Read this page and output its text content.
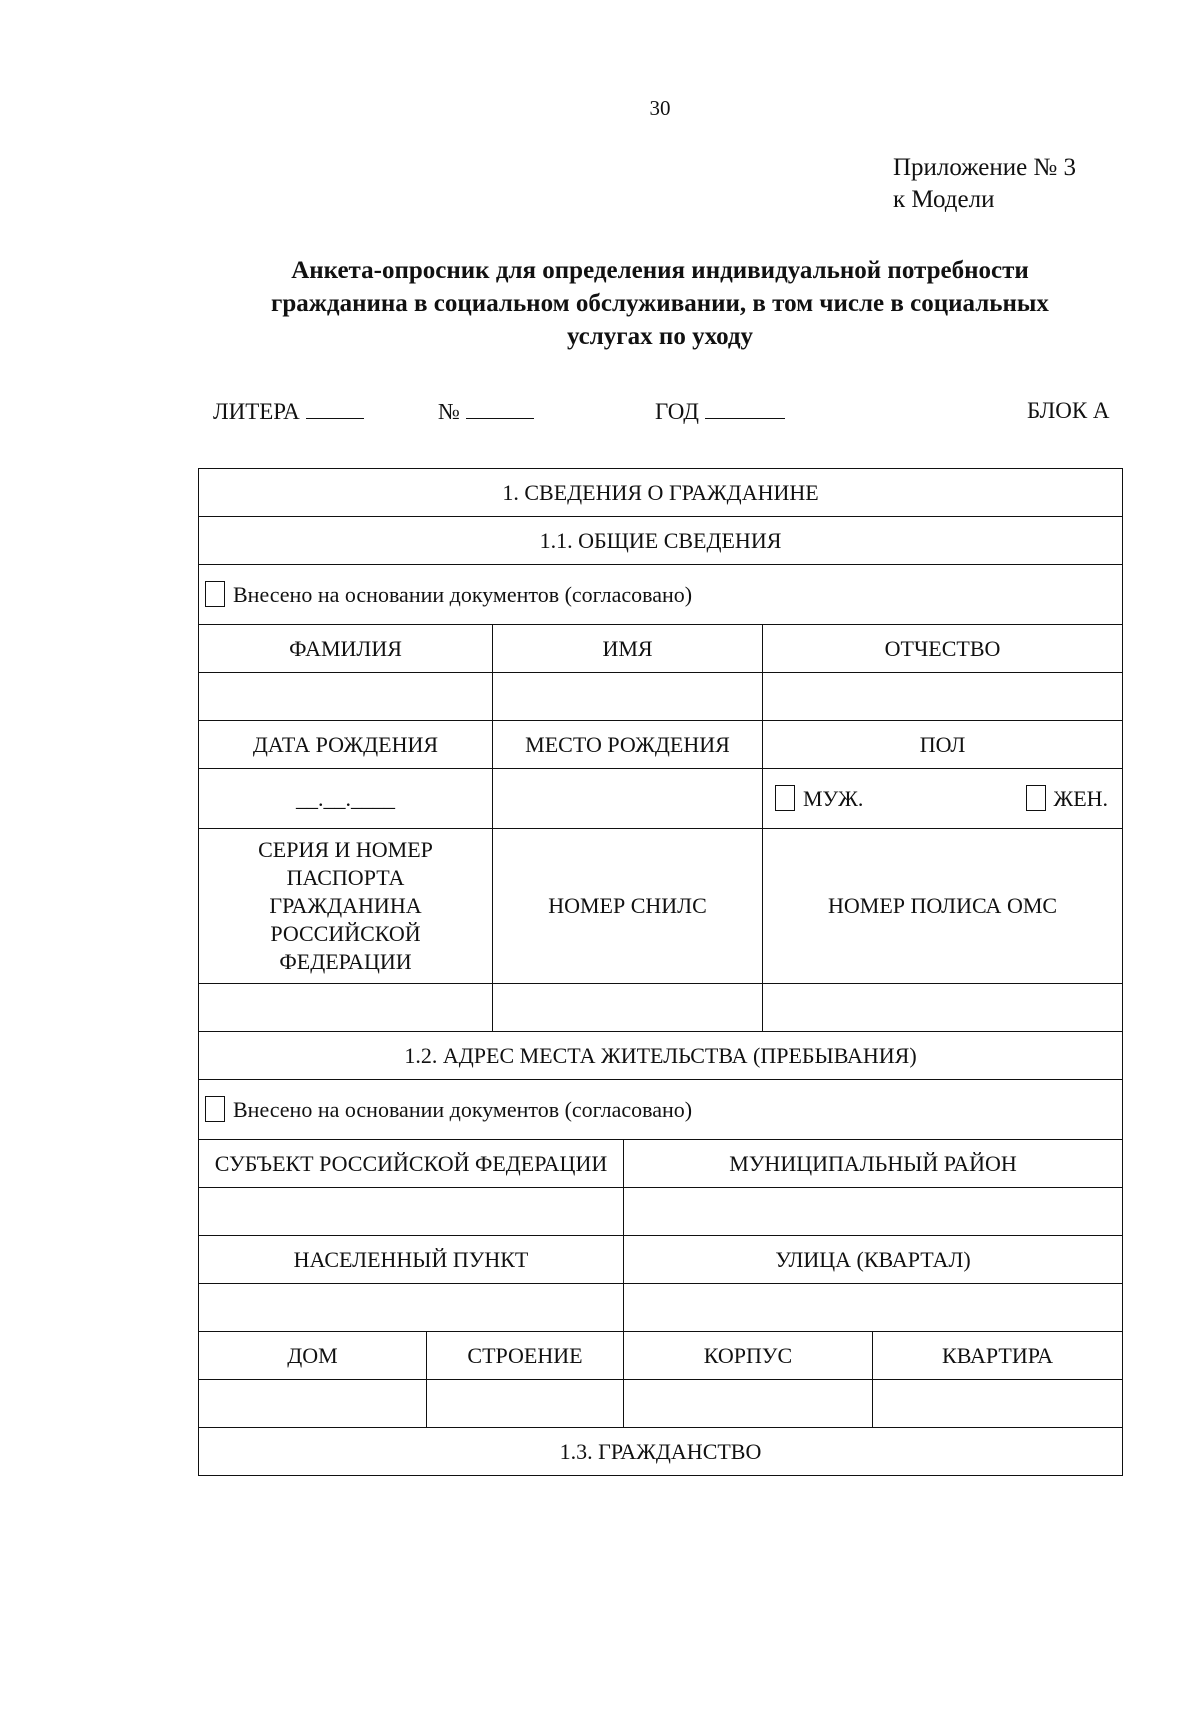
30
Приложение № 3
к Модели
Анкета-опросник для определения индивидуальной потребности
гражданина в социальном обслуживании, в том числе в социальных
услугах по уходу
ЛИТЕРА	№	ГОД	БЛОК А
1. СВЕДЕНИЯ О ГРАЖДАНИНЕ					
1.1. ОБЩИЕ СВЕДЕНИЯ					
Внесено на основании документов (согласовано)					
ФАМИЛИЯ		ИМЯ		ОТЧЕСТВО	

ДАТА РОЖДЕНИЯ		МЕСТО РОЖДЕНИЯ		ПОЛ	
__.__.____				МУЖ. ЖЕН.	

СЕРИЯ И НОМЕР
ПАСПОРТА
ГРАЖДАНИНА
РОССИЙСКОЙ
ФЕДЕРАЦИИ		НОМЕР СНИЛС		НОМЕР ПОЛИСА ОМС	

1.2. АДРЕС МЕСТА ЖИТЕЛЬСТВА (ПРЕБЫВАНИЯ)					
Внесено на основании документов (согласовано)					
СУБЪЕКТ РОССИЙСКОЙ ФЕДЕРАЦИИ			МУНИЦИПАЛЬНЫЙ РАЙОН		

НАСЕЛЕННЫЙ ПУНКТ			УЛИЦА (КВАРТАЛ)		

ДОМ	СТРОЕНИЕ		КОРПУС		КВАРТИРА

1.3. ГРАЖДАНСТВО					
